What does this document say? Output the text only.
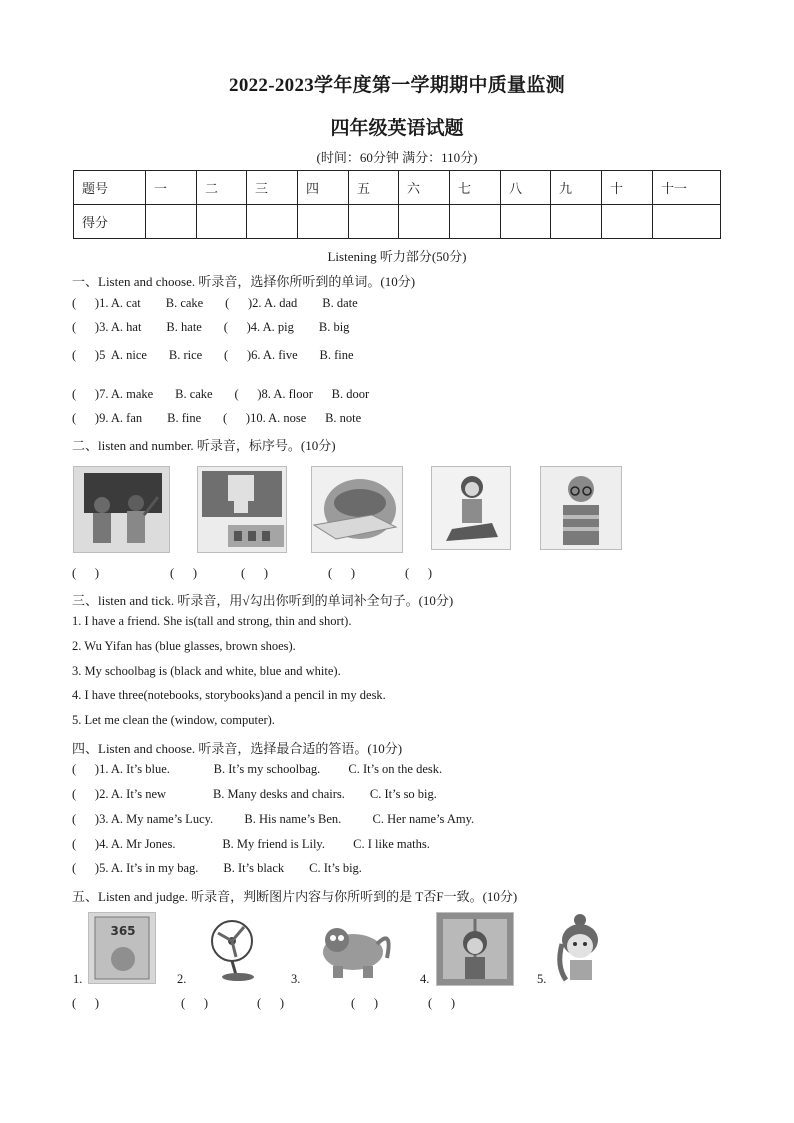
2022-2023学年度第一学期期中质量监测
四年级英语试题
(时间：60分钟 满分：110分)
题号	一	二	三	四	五	六	七	八	九	十	十一
得分											
Listening 听力部分(50分)
一、Listen and choose. 听录音，选择你所听到的单词。(10分)
(      )1. A. cat        B. cake       (      )2. A. dad        B. date
(      )3. A. hat        B. hate       (      )4. A. pig        B. big
(      )5  A. nice       B. rice       (      )6. A. five       B. fine
(      )7. A. make       B. cake       (      )8. A. floor      B. door
(      )9. A. fan        B. fine       (      )10. A. nose      B. note
二、listen and number. 听录音，标序号。(10分)
(      )	(      )	(      )	(      )	(      )
三、listen and tick. 听录音，用√勾出你听到的单词补全句子。(10分)
1. I have a friend. She is(tall and strong, thin and short).
2. Wu Yifan has (blue glasses, brown shoes).
3. My schoolbag is (black and white, blue and white).
4. I have three(notebooks, storybooks)and a pencil in my desk.
5. Let me clean the (window, computer).
四、Listen and choose. 听录音，选择最合适的答语。(10分)
(      )1. A. It’s blue.              B. It’s my schoolbag.         C. It’s on the desk.
(      )2. A. It’s new               B. Many desks and chairs.        C. It’s so big.
(      )3. A. My name’s Lucy.          B. His name’s Ben.          C. Her name’s Amy.
(      )4. A. Mr Jones.               B. My friend is Lily.         C. I like maths.
(      )5. A. It’s in my bag.        B. It’s black        C. It’s big.
五、Listen and judge. 听录音，判断图片内容与你所听到的是 T否F一致。(10分)
1.
365
2.	3.	4.	5.
(      )	(      )	(      )	(      )	(      )
